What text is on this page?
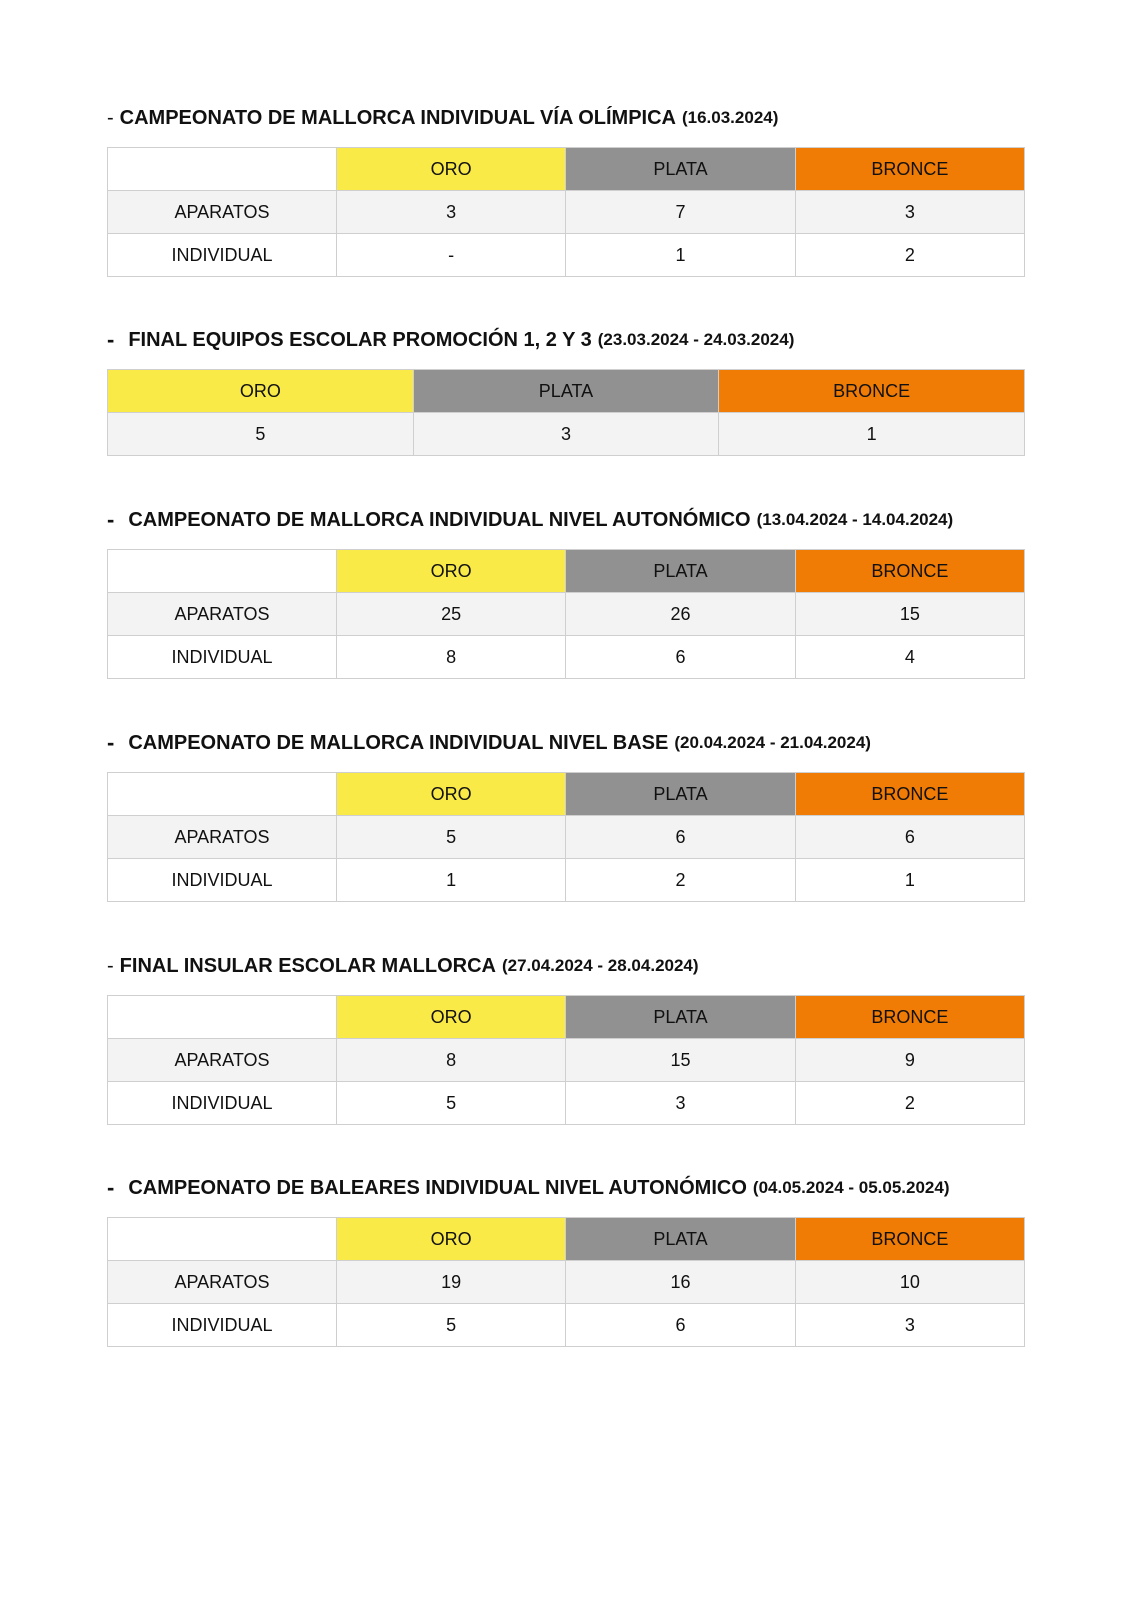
- CAMPEONATO DE MALLORCA INDIVIDUAL VÍA OLÍMPICA (16.03.2024)
	ORO	PLATA	BRONCE
APARATOS	3	7	3
INDIVIDUAL	-	1	2
- FINAL EQUIPOS ESCOLAR PROMOCIÓN 1, 2 Y 3 (23.03.2024 - 24.03.2024)
ORO	PLATA	BRONCE
5	3	1
- CAMPEONATO DE MALLORCA INDIVIDUAL NIVEL AUTONÓMICO (13.04.2024 - 14.04.2024)
	ORO	PLATA	BRONCE
APARATOS	25	26	15
INDIVIDUAL	8	6	4
- CAMPEONATO DE MALLORCA INDIVIDUAL NIVEL BASE (20.04.2024 - 21.04.2024)
	ORO	PLATA	BRONCE
APARATOS	5	6	6
INDIVIDUAL	1	2	1
- FINAL INSULAR ESCOLAR MALLORCA (27.04.2024 - 28.04.2024)
	ORO	PLATA	BRONCE
APARATOS	8	15	9
INDIVIDUAL	5	3	2
- CAMPEONATO DE BALEARES INDIVIDUAL NIVEL AUTONÓMICO (04.05.2024 - 05.05.2024)
	ORO	PLATA	BRONCE
APARATOS	19	16	10
INDIVIDUAL	5	6	3
